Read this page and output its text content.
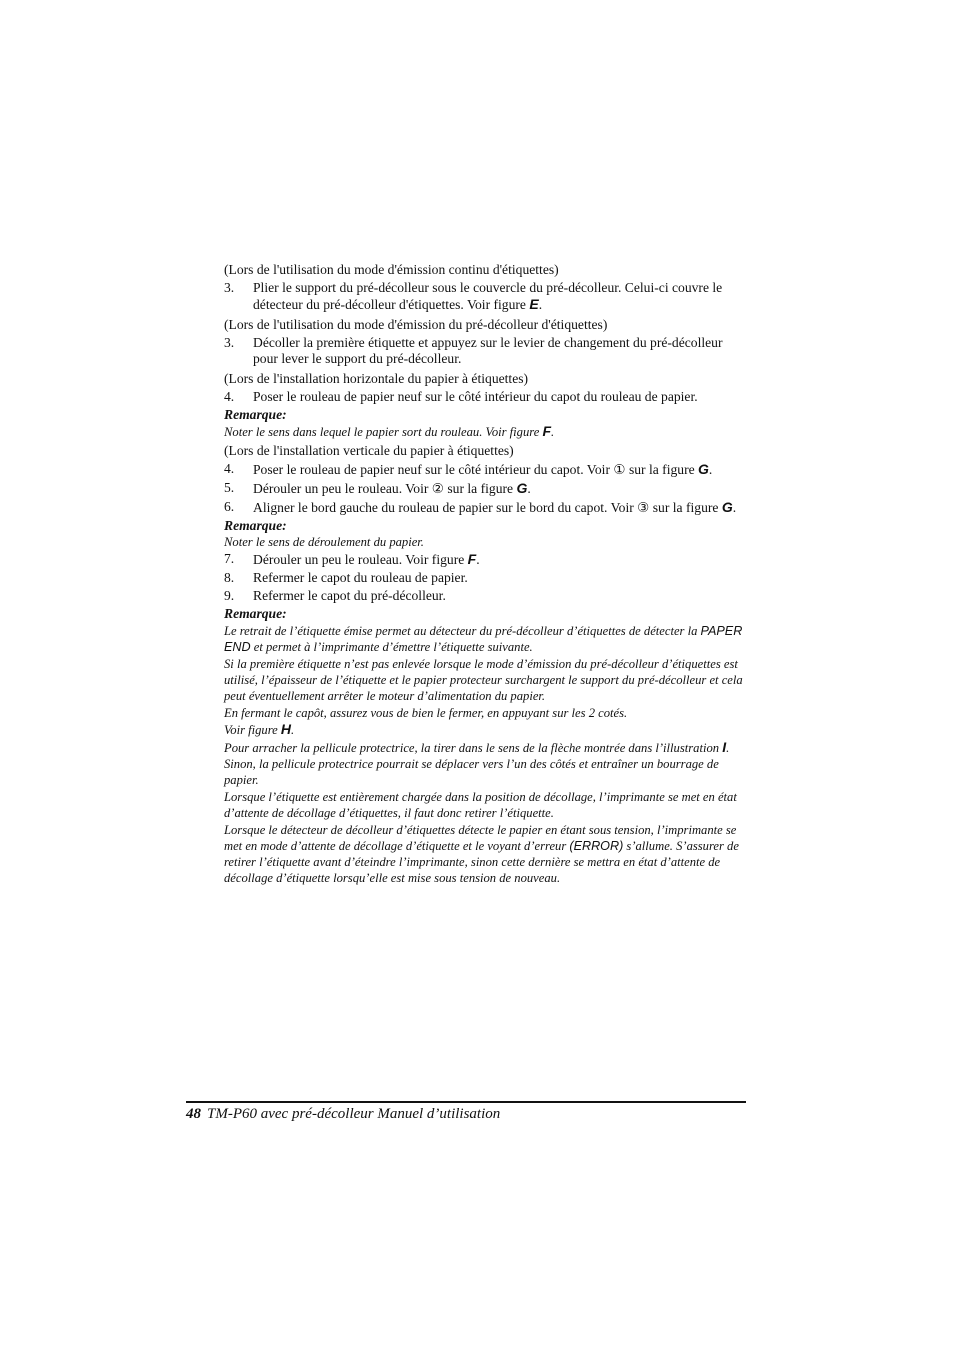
(Lors de l'utilisation du mode d'émission continu d'étiquettes)

3.	Plier le support du pré-décolleur sous le couvercle du pré-décolleur. Celui-ci couvre le détecteur du pré-décolleur d'étiquettes. Voir figure E.

(Lors de l'utilisation du mode d'émission du pré-décolleur d'étiquettes)

3.	Décoller la première étiquette et appuyez sur le levier de changement du pré-décolleur pour lever le support du pré-décolleur.

(Lors de l'installation horizontale du papier à étiquettes)

4.	Poser le rouleau de papier neuf sur le côté intérieur du capot du rouleau de papier.

Remarque:

Noter le sens dans lequel le papier sort du rouleau. Voir figure F.

(Lors de l'installation verticale du papier à étiquettes)

4.	Poser le rouleau de papier neuf sur le côté intérieur du capot. Voir ① sur la figure G.
5.	Dérouler un peu le rouleau. Voir ② sur la figure G.
6.	Aligner le bord gauche du rouleau de papier sur le bord du capot. Voir ③ sur la figure G.

Remarque:

Noter le sens de déroulement du papier.

7.	Dérouler un peu le rouleau. Voir figure F.
8.	Refermer le capot du rouleau de papier.
9.	Refermer le capot du pré-décolleur.

Remarque:

Le retrait de l’étiquette émise permet au détecteur du pré-décolleur d’étiquettes de détecter la PAPER END et permet à l’imprimante d’émettre l’étiquette suivante.

Si la première étiquette n’est pas enlevée lorsque le mode d’émission du pré-décolleur d’étiquettes est utilisé, l’épaisseur de l’étiquette et le papier protecteur surchargent le support du pré-décolleur et cela peut éventuellement arrêter le moteur d’alimentation du papier.

En fermant le capôt, assurez vous de bien le fermer, en appuyant sur les 2 cotés.
Voir figure H.

Pour arracher la pellicule protectrice, la tirer dans le sens de la flèche montrée dans l’illustration I. Sinon, la pellicule protectrice pourrait se déplacer vers l’un des côtés et entraîner un bourrage de papier.

Lorsque l’étiquette est entièrement chargée dans la position de décollage, l’imprimante se met en état d’attente de décollage d’étiquettes, il faut donc retirer l’étiquette.

Lorsque le détecteur de décolleur d’étiquettes détecte le papier en étant sous tension, l’imprimante se met en mode d’attente de décollage d’étiquette et le voyant d’erreur (ERROR) s’allume. S’assurer de retirer l’étiquette avant d’éteindre l’imprimante, sinon cette dernière se mettra en état d’attente de décollage d’étiquette lorsqu’elle est mise sous tension de nouveau.

48 TM-P60 avec pré-décolleur Manuel d’utilisation
